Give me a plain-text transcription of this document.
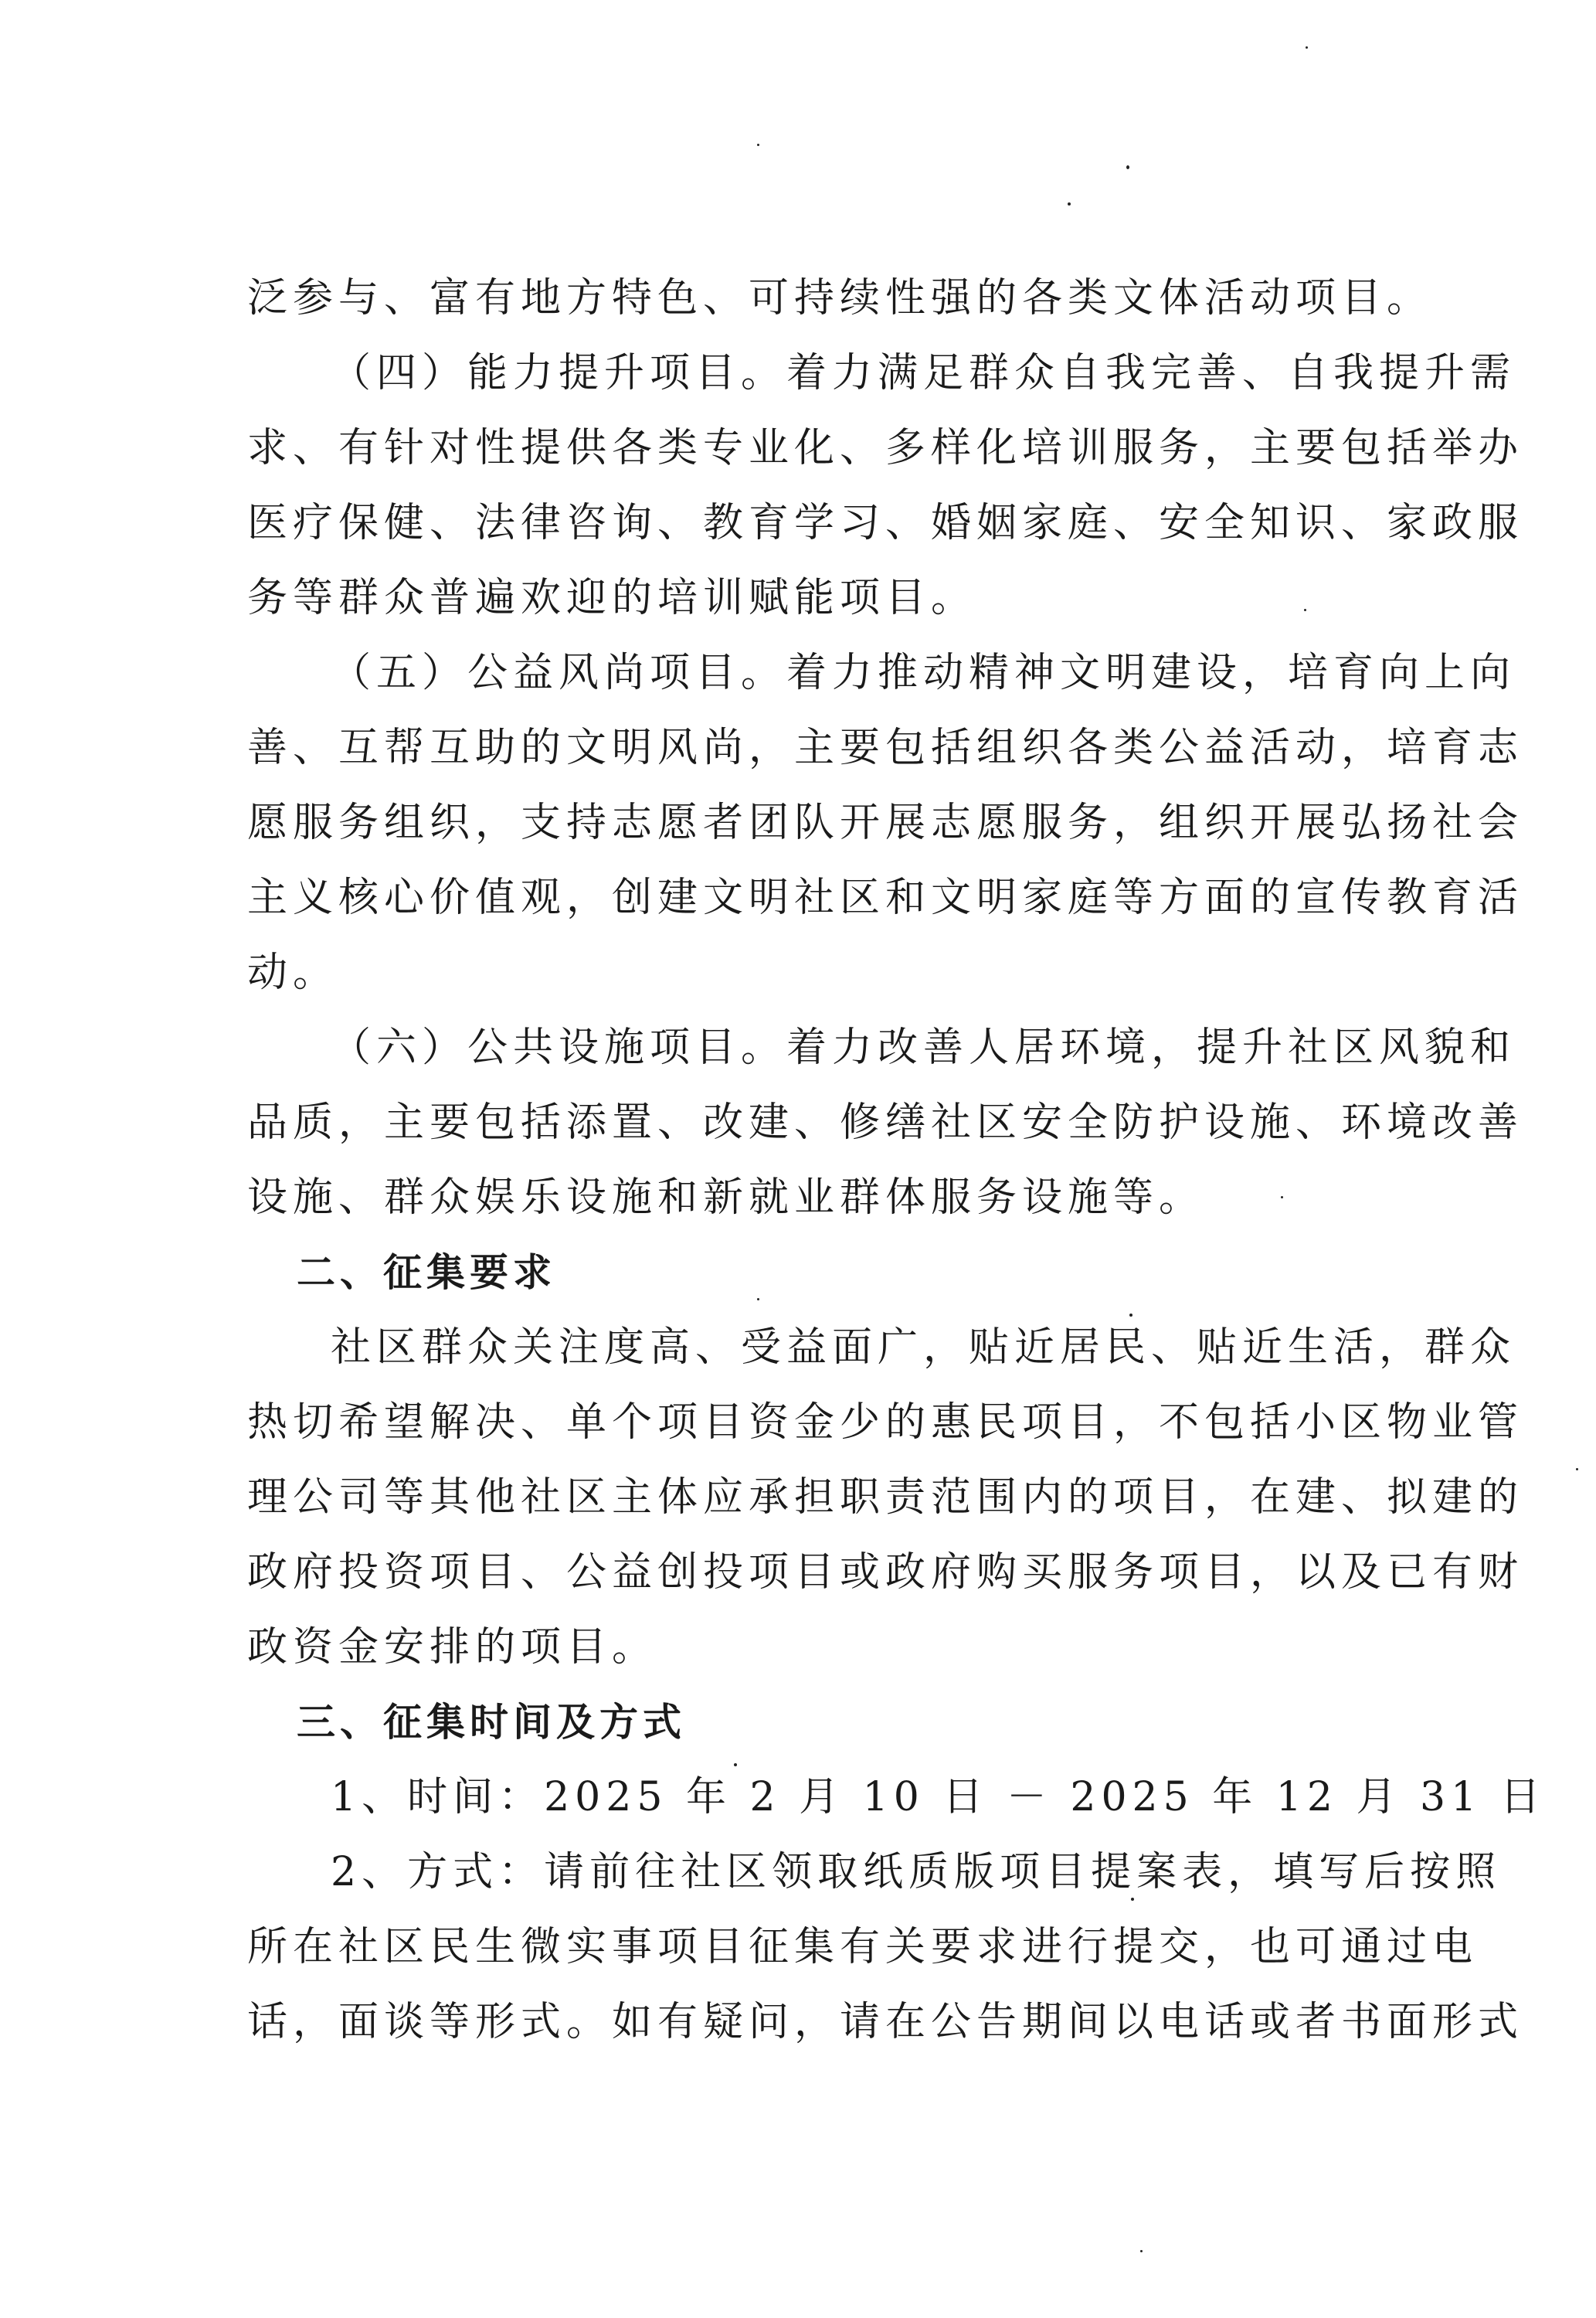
泛参与、富有地方特色、可持续性强的各类文体活动项目。
（四）能力提升项目。着力满足群众自我完善、自我提升需
求、有针对性提供各类专业化、多样化培训服务，主要包括举办
医疗保健、法律咨询、教育学习、婚姻家庭、安全知识、家政服
务等群众普遍欢迎的培训赋能项目。
（五）公益风尚项目。着力推动精神文明建设，培育向上向
善、互帮互助的文明风尚，主要包括组织各类公益活动，培育志
愿服务组织，支持志愿者团队开展志愿服务，组织开展弘扬社会
主义核心价值观，创建文明社区和文明家庭等方面的宣传教育活
动。
（六）公共设施项目。着力改善人居环境，提升社区风貌和
品质，主要包括添置、改建、修缮社区安全防护设施、环境改善
设施、群众娱乐设施和新就业群体服务设施等。
二、征集要求
社区群众关注度高、受益面广，贴近居民、贴近生活，群众
热切希望解决、单个项目资金少的惠民项目，不包括小区物业管
理公司等其他社区主体应承担职责范围内的项目，在建、拟建的
政府投资项目、公益创投项目或政府购买服务项目，以及已有财
政资金安排的项目。
三、征集时间及方式
1、时间：2025 年 2 月 10 日 － 2025 年 12 月 31 日
2、方式：请前往社区领取纸质版项目提案表，填写后按照
所在社区民生微实事项目征集有关要求进行提交，也可通过电
话，面谈等形式。如有疑问，请在公告期间以电话或者书面形式
